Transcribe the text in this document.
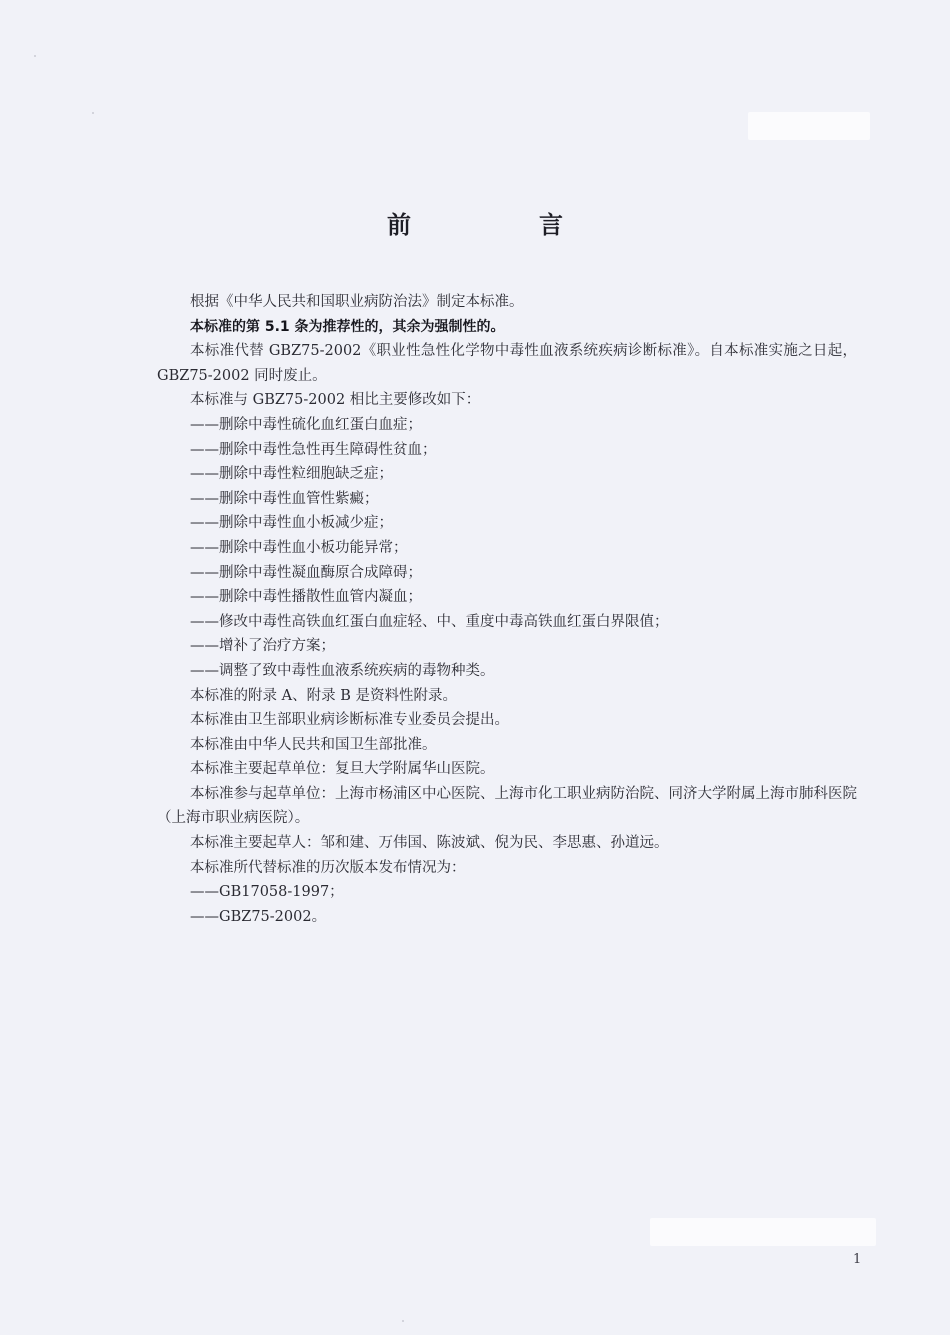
前　言

根据《中华人民共和国职业病防治法》制定本标准。

本标准的第 5.1 条为推荐性的，其余为强制性的。

本标准代替 GBZ75-2002《职业性急性化学物中毒性血液系统疾病诊断标准》。自本标准实施之日起，GBZ75-2002 同时废止。

本标准与 GBZ75-2002 相比主要修改如下：

——删除中毒性硫化血红蛋白血症；

——删除中毒性急性再生障碍性贫血；

——删除中毒性粒细胞缺乏症；

——删除中毒性血管性紫癜；

——删除中毒性血小板减少症；

——删除中毒性血小板功能异常；

——删除中毒性凝血酶原合成障碍；

——删除中毒性播散性血管内凝血；

——修改中毒性高铁血红蛋白血症轻、中、重度中毒高铁血红蛋白界限值；

——增补了治疗方案；

——调整了致中毒性血液系统疾病的毒物种类。

本标准的附录 A、附录 B 是资料性附录。

本标准由卫生部职业病诊断标准专业委员会提出。

本标准由中华人民共和国卫生部批准。

本标准主要起草单位：复旦大学附属华山医院。

本标准参与起草单位：上海市杨浦区中心医院、上海市化工职业病防治院、同济大学附属上海市肺科医院（上海市职业病医院）。

本标准主要起草人：邹和建、万伟国、陈波斌、倪为民、李思惠、孙道远。

本标准所代替标准的历次版本发布情况为：

——GB17058-1997；

——GBZ75-2002。

1
